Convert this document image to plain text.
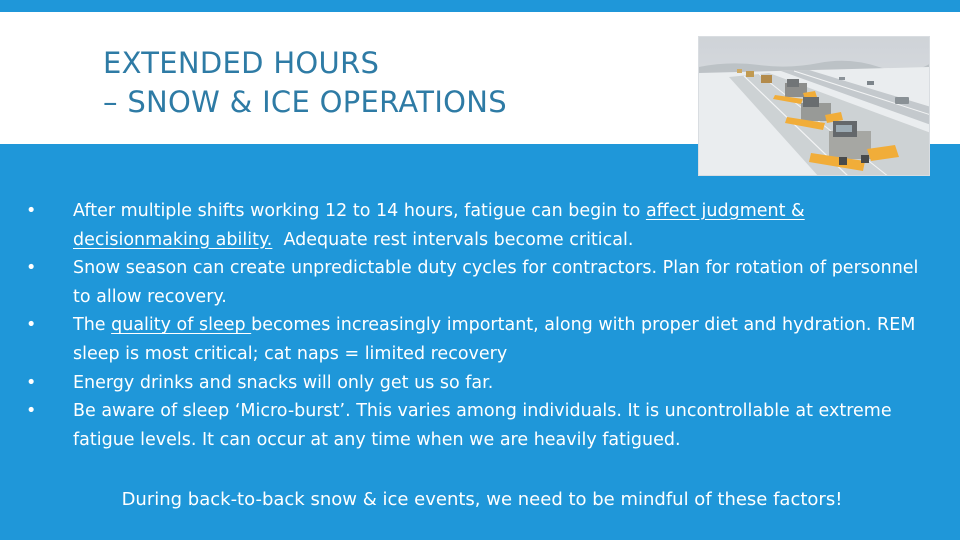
EXTENDED HOURS
– SNOW & ICE OPERATIONS
• After multiple shifts working 12 to 14 hours, fatigue can begin to affect judgment & decisionmaking ability.  Adequate rest intervals become critical.
• Snow season can create unpredictable duty cycles for contractors. Plan for rotation of personnel to allow recovery.
• The quality of sleep becomes increasingly important, along with proper diet and hydration. REM sleep is most critical; cat naps = limited recovery
• Energy drinks and snacks will only get us so far.
• Be aware of sleep ‘Micro-burst’. This varies among individuals. It is uncontrollable at extreme fatigue levels. It can occur at any time when we are heavily fatigued.

During back-to-back snow & ice events, we need to be mindful of these factors!
